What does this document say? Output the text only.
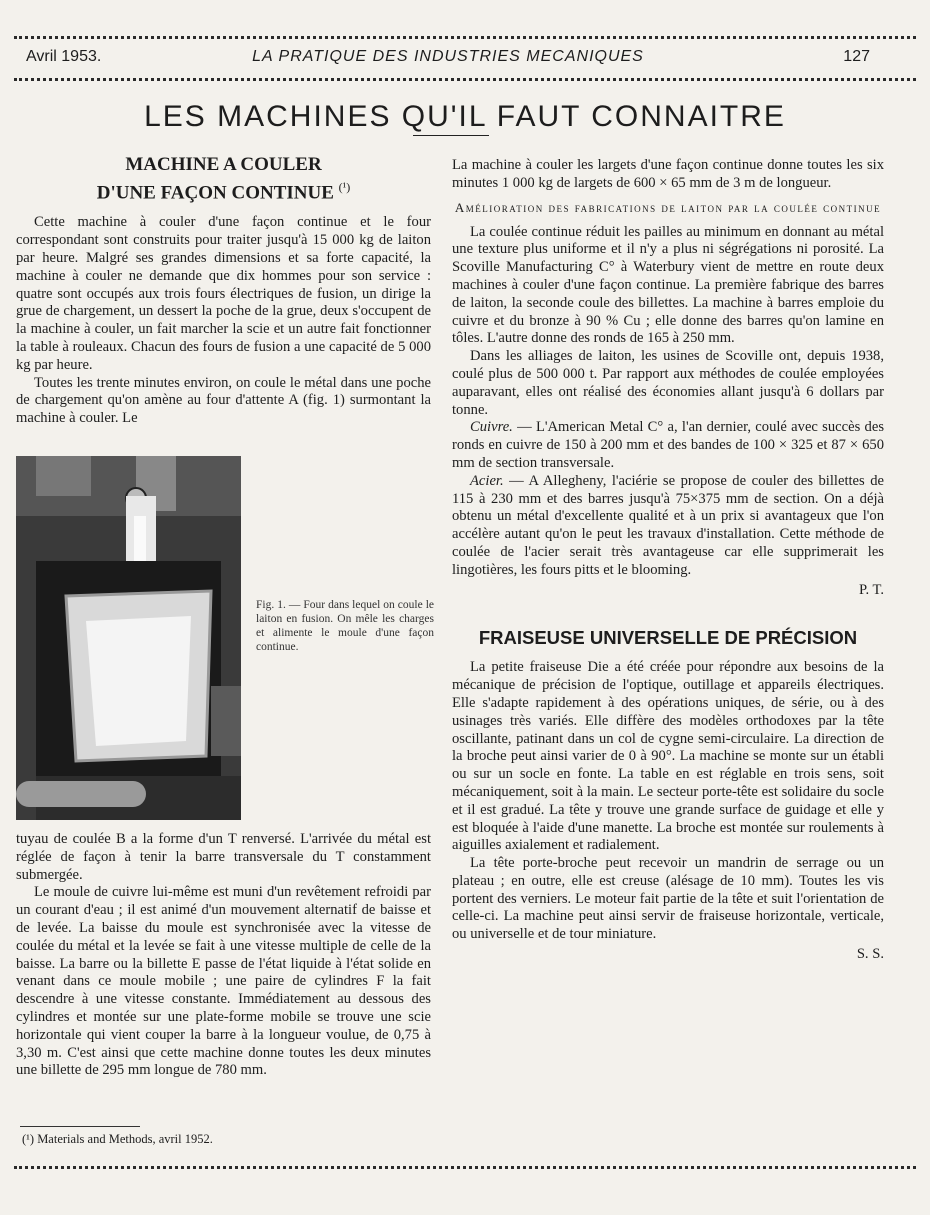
Avril 1953.	LA PRATIQUE DES INDUSTRIES MECANIQUES	127
LES MACHINES QU'IL FAUT CONNAITRE
MACHINE A COULER
D'UNE FAÇON CONTINUE $^{(^1)}$

Cette machine à couler d'une façon continue et le four correspondant sont construits pour traiter jusqu'à 15 000 kg de laiton par heure. Malgré ses grandes dimensions et sa forte capacité, la machine à couler ne demande que dix hommes pour son service : quatre sont occupés aux trois fours électriques de fusion, un dirige la grue de chargement, un dessert la poche de la grue, deux s'occupent de la machine à couler, un fait marcher la scie et un autre fait fonctionner la table à rouleaux. Chacun des fours de fusion a une capacité de 5 000 kg par heure.

Toutes les trente minutes environ, on coule le métal dans une poche de chargement qu'on amène au four d'attente A (fig. 1) surmontant la machine à couler. Le

Fig. 1. — Four dans lequel on coule le laiton en fusion. On mêle les charges et alimente le moule d'une façon continue.

tuyau de coulée B a la forme d'un T renversé. L'arrivée du métal est réglée de façon à tenir la barre transversale du T constamment submergée.

Le moule de cuivre lui-même est muni d'un revêtement refroidi par un courant d'eau ; il est animé d'un mouvement alternatif de baisse et de levée. La baisse du moule est synchronisée avec la vitesse de coulée du métal et la levée se fait à une vitesse multiple de celle de la baisse. La barre ou la billette E passe de l'état liquide à l'état solide en venant dans ce moule mobile ; une paire de cylindres F la fait descendre à une vitesse constante. Immédiatement au dessous des cylindres et montée sur une plate-forme mobile se trouve une scie horizontale qui vient couper la barre à la longueur voulue, de 0,75 à 3,30 m. C'est ainsi que cette machine donne toutes les deux minutes une billette de 295 mm longue de 780 mm.

(¹) Materials and Methods, avril 1952.

La machine à couler les largets d'une façon continue donne toutes les six minutes 1 000 kg de largets de 600 × 65 mm de 3 m de longueur.

Amélioration des fabrications de laiton par la coulée continue

La coulée continue réduit les pailles au minimum en donnant au métal une texture plus uniforme et il n'y a plus ni ségrégations ni porosité. La Scoville Manufacturing C° à Waterbury vient de mettre en route deux machines à couler d'une façon continue. La première fabrique des barres de laiton, la seconde coule des billettes. La machine à barres emploie du cuivre et du bronze à 90 % Cu ; elle donne des barres qu'on lamine en tôles. L'autre donne des ronds de 165 à 250 mm.

Dans les alliages de laiton, les usines de Scoville ont, depuis 1938, coulé plus de 500 000 t. Par rapport aux méthodes de coulée employées auparavant, elles ont réalisé des économies allant jusqu'à 6 dollars par tonne.

Cuivre. — L'American Metal C° a, l'an dernier, coulé avec succès des ronds en cuivre de 150 à 200 mm et des bandes de 100 × 325 et 87 × 650 mm de section transversale.

Acier. — A Allegheny, l'aciérie se propose de couler des billettes de 115 à 230 mm et des barres jusqu'à 75×375 mm de section. On a déjà obtenu un métal d'excellente qualité et à un prix si avantageux que l'on accélère autant qu'on le peut les travaux d'installation. Cette méthode de coulée de l'acier serait très avantageuse car elle supprimerait les lingotières, les fours pitts et le blooming.

P. T.
FRAISEUSE UNIVERSELLE DE PRÉCISION

La petite fraiseuse Die a été créée pour répondre aux besoins de la mécanique de précision de l'optique, outillage et appareils électriques. Elle s'adapte rapidement à des opérations uniques, de série, ou à des usinages très variés. Elle diffère des modèles orthodoxes par la tête oscillante, patinant dans un col de cygne semi-circulaire. La direction de la broche peut ainsi varier de 0 à 90°. La machine se monte sur un établi ou sur un socle en fonte. La table en est réglable en trois sens, soit mécaniquement, soit à la main. Le secteur porte-tête est solidaire du socle et il est gradué. La tête y trouve une grande surface de guidage et elle y est bloquée à l'aide d'une manette. La broche est montée sur roulements à aiguilles axialement et radialement.

La tête porte-broche peut recevoir un mandrin de serrage ou un plateau ; en outre, elle est creuse (alésage de 10 mm). Toutes les vis portent des verniers. Le moteur fait partie de la tête et suit l'orientation de celle-ci. La machine peut ainsi servir de fraiseuse horizontale, verticale, ou universelle et de tour miniature.

S. S.
